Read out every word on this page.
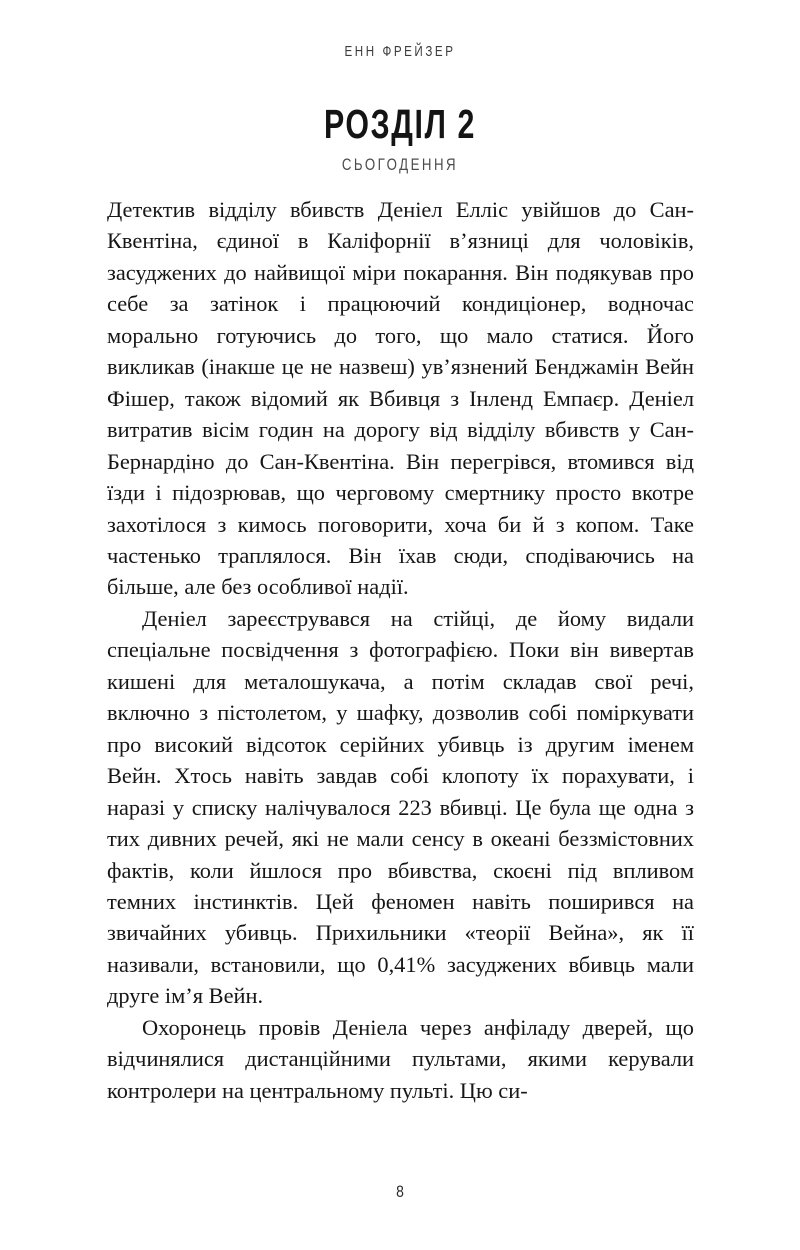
ЕНН ФРЕЙЗЕР
РОЗДІЛ 2
СЬОГОДЕННЯ

Детектив відділу вбивств Деніел Елліс увійшов до Сан-Квентіна, єдиної в Каліфорнії в’язниці для чоловіків, засуджених до найвищої міри покарання. Він подякував про себе за затінок і працюючий кондиціонер, водночас морально готуючись до того, що мало статися. Його викликав (інакше це не назвеш) ув’язнений Бенджамін Вейн Фішер, також відомий як Вбивця з Інленд Емпаєр. Деніел витратив вісім годин на дорогу від відділу вбивств у Сан-Бернардіно до Сан-Квентіна. Він перегрівся, втомився від їзди і підозрював, що черговому смертнику просто вкотре захотілося з кимось поговорити, хоча би й з копом. Таке частенько траплялося. Він їхав сюди, сподіваючись на більше, але без особливої надії.

Деніел зареєструвався на стійці, де йому видали спеціальне посвідчення з фотографією. Поки він вивертав кишені для металошукача, а потім складав свої речі, включно з пістолетом, у шафку, дозволив собі поміркувати про високий відсоток серійних убивць із другим іменем Вейн. Хтось навіть завдав собі клопоту їх порахувати, і наразі у списку налічувалося 223 вбивці. Це була ще одна з тих дивних речей, які не мали сенсу в океані беззмістовних фактів, коли йшлося про вбивства, скоєні під впливом темних інстинктів. Цей феномен навіть поширився на звичайних убивць. Прихильники «теорії Вейна», як її називали, встановили, що 0,41% засуджених вбивць мали друге ім’я Вейн.

Охоронець провів Деніела через анфіладу дверей, що відчинялися дистанційними пультами, якими керували контролери на центральному пульті. Цю си-

8
